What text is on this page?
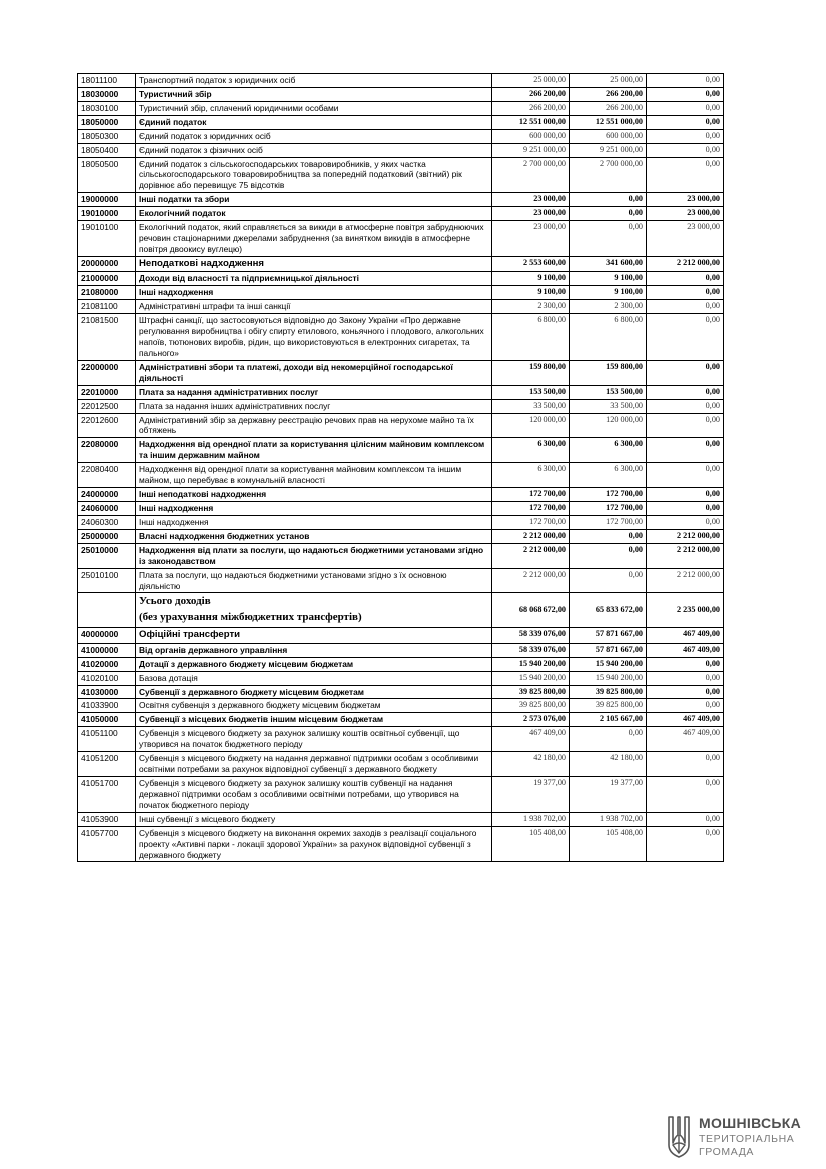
18011100	Транспортний податок з юридичних осіб	25 000,00	25 000,00	0,00
18030000	Туристичний збір	266 200,00	266 200,00	0,00
18030100	Туристичний збір, сплачений юридичними особами	266 200,00	266 200,00	0,00
18050000	Єдиний податок	12 551 000,00	12 551 000,00	0,00
18050300	Єдиний податок з юридичних осіб	600 000,00	600 000,00	0,00
18050400	Єдиний податок з фізичних осіб	9 251 000,00	9 251 000,00	0,00
18050500	Єдиний податок з сільськогосподарських товаровиробників, у яких частка сільськогосподарського товаровиробництва за попередній податковий (звітний) рік дорівнює або перевищує 75 відсотків	2 700 000,00	2 700 000,00	0,00
19000000	Інші податки та збори	23 000,00	0,00	23 000,00
19010000	Екологічний податок	23 000,00	0,00	23 000,00
19010100	Екологічний податок, який справляється за викиди в атмосферне повітря забруднюючих речовин стаціонарними джерелами забруднення (за винятком викидів в атмосферне повітря двоокису вуглецю)	23 000,00	0,00	23 000,00
20000000	Неподаткові надходження	2 553 600,00	341 600,00	2 212 000,00
21000000	Доходи від власності та підприємницької діяльності	9 100,00	9 100,00	0,00
21080000	Інші надходження	9 100,00	9 100,00	0,00
21081100	Адміністративні штрафи та інші санкції	2 300,00	2 300,00	0,00
21081500	Штрафні санкції, що застосовуються відповідно до Закону України «Про державне регулювання виробництва і обігу спирту етилового, коньячного і плодового, алкогольних напоїв, тютюнових виробів, рідин, що використовуються в електронних сигаретах, та пального»	6 800,00	6 800,00	0,00
22000000	Адміністративні збори та платежі, доходи від некомерційної господарської діяльності	159 800,00	159 800,00	0,00
22010000	Плата за надання адміністративних послуг	153 500,00	153 500,00	0,00
22012500	Плата за надання інших адміністративних послуг	33 500,00	33 500,00	0,00
22012600	Адміністративний збір за державну реєстрацію речових прав на нерухоме майно та їх обтяжень	120 000,00	120 000,00	0,00
22080000	Надходження від орендної плати за користування цілісним майновим комплексом та іншим державним майном	6 300,00	6 300,00	0,00
22080400	Надходження від орендної плати за користування майновим комплексом та іншим майном, що перебуває в комунальній власності	6 300,00	6 300,00	0,00
24000000	Інші неподаткові надходження	172 700,00	172 700,00	0,00
24060000	Інші надходження	172 700,00	172 700,00	0,00
24060300	Інші надходження	172 700,00	172 700,00	0,00
25000000	Власні надходження бюджетних установ	2 212 000,00	0,00	2 212 000,00
25010000	Надходження від плати за послуги, що надаються бюджетними установами згідно із законодавством	2 212 000,00	0,00	2 212 000,00
25010100	Плата за послуги, що надаються бюджетними установами згідно з їх основною діяльністю	2 212 000,00	0,00	2 212 000,00

	Усього доходів
(без урахування міжбюджетних трансфертів)	68 068 672,00	65 833 672,00	2 235 000,00
40000000	Офіційні трансферти	58 339 076,00	57 871 667,00	467 409,00
41000000	Від органів державного управління	58 339 076,00	57 871 667,00	467 409,00
41020000	Дотації з державного бюджету місцевим бюджетам	15 940 200,00	15 940 200,00	0,00
41020100	Базова дотація	15 940 200,00	15 940 200,00	0,00
41030000	Субвенції з державного бюджету місцевим бюджетам	39 825 800,00	39 825 800,00	0,00
41033900	Освітня субвенція з державного бюджету місцевим бюджетам	39 825 800,00	39 825 800,00	0,00
41050000	Субвенції з місцевих бюджетів іншим місцевим бюджетам	2 573 076,00	2 105 667,00	467 409,00
41051100	Субвенція з місцевого бюджету за рахунок залишку коштів освітньої субвенції, що утворився на початок бюджетного періоду	467 409,00	0,00	467 409,00
41051200	Субвенція з місцевого бюджету на надання державної підтримки особам з особливими освітніми потребами за рахунок відповідної субвенції з державного бюджету	42 180,00	42 180,00	0,00
41051700	Субвенція з місцевого бюджету за рахунок залишку коштів субвенції на надання державної підтримки особам з особливими освітніми потребами, що утворився на початок бюджетного періоду	19 377,00	19 377,00	0,00
41053900	Інші субвенції з місцевого бюджету	1 938 702,00	1 938 702,00	0,00
41057700	Субвенція з місцевого бюджету на виконання окремих заходів з реалізації соціального проекту «Активні парки - локації здорової України» за рахунок відповідної субвенції з державного бюджету	105 408,00	105 408,00	0,00
МОШНІВСЬКА
ТЕРИТОРІАЛЬНА
ГРОМАДА
